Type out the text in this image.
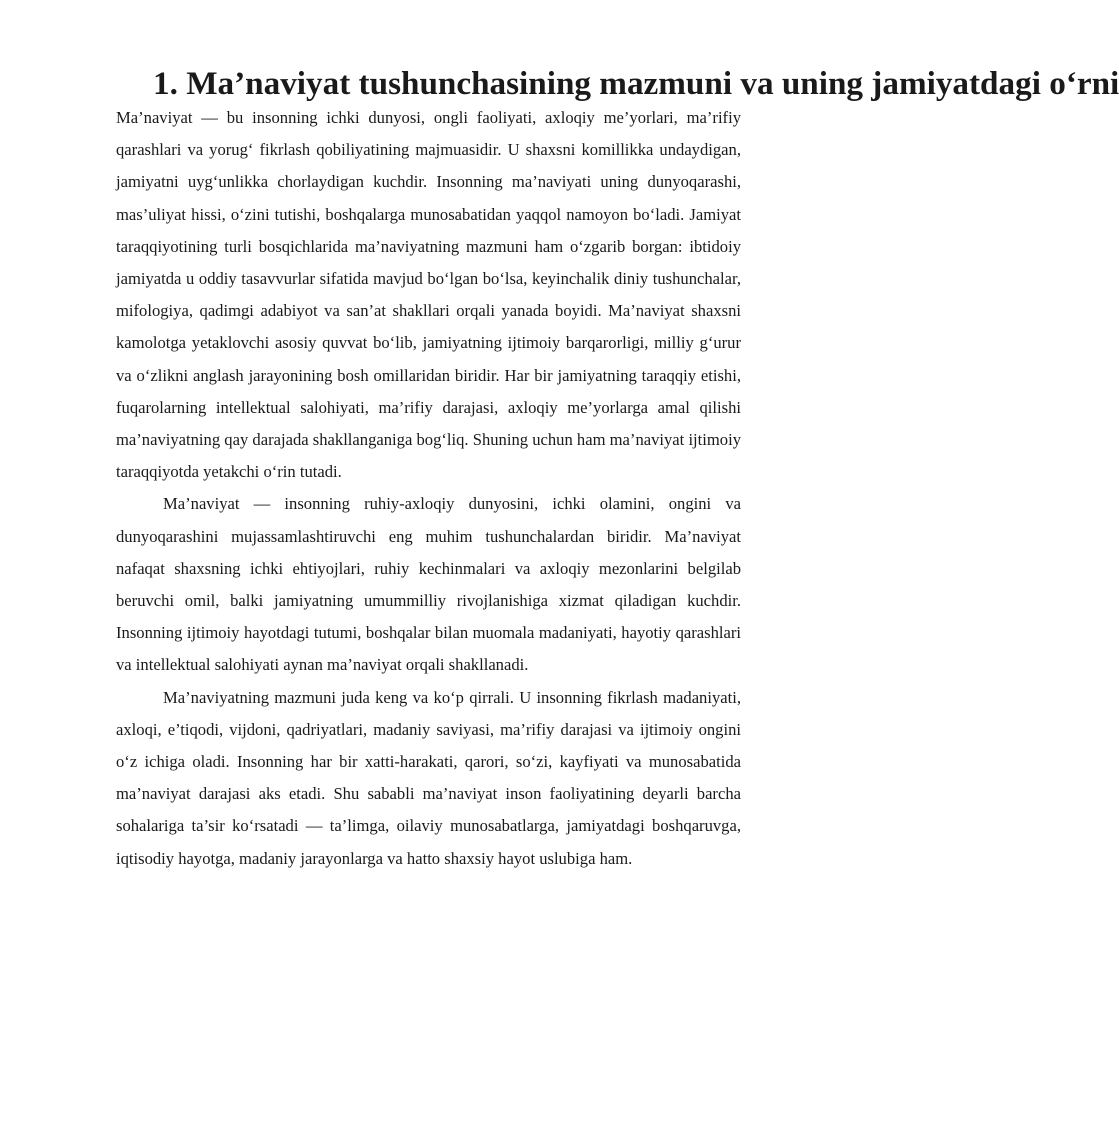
1. Ma’naviyat tushunchasining mazmuni va uning jamiyatdagi o‘rni

Ma’naviyat — bu insonning ichki dunyosi, ongli faoliyati, axloqiy me’yorlari, ma’rifiy qarashlari va yorug‘ fikrlash qobiliyatining majmuasidir. U shaxsni komillikka undaydigan, jamiyatni uyg‘unlikka chorlaydigan kuchdir. Insonning ma’naviyati uning dunyoqarashi, mas’uliyat hissi, o‘zini tutishi, boshqalarga munosabatidan yaqqol namoyon bo‘ladi. Jamiyat taraqqiyotining turli bosqichlarida ma’naviyatning mazmuni ham o‘zgarib borgan: ibtidoiy jamiyatda u oddiy tasavvurlar sifatida mavjud bo‘lgan bo‘lsa, keyinchalik diniy tushunchalar, mifologiya, qadimgi adabiyot va san’at shakllari orqali yanada boyidi. Ma’naviyat shaxsni kamolotga yetaklovchi asosiy quvvat bo‘lib, jamiyatning ijtimoiy barqarorligi, milliy g‘urur va o‘zlikni anglash jarayonining bosh omillaridan biridir. Har bir jamiyatning taraqqiy etishi, fuqarolarning intellektual salohiyati, ma’rifiy darajasi, axloqiy me’yorlarga amal qilishi ma’naviyatning qay darajada shakllanganiga bog‘liq. Shuning uchun ham ma’naviyat ijtimoiy taraqqiyotda yetakchi o‘rin tutadi.

Ma’naviyat — insonning ruhiy-axloqiy dunyosini, ichki olamini, ongini va dunyoqarashini mujassamlashtiruvchi eng muhim tushunchalardan biridir. Ma’naviyat nafaqat shaxsning ichki ehtiyojlari, ruhiy kechinmalari va axloqiy mezonlarini belgilab beruvchi omil, balki jamiyatning umummilliy rivojlanishiga xizmat qiladigan kuchdir. Insonning ijtimoiy hayotdagi tutumi, boshqalar bilan muomala madaniyati, hayotiy qarashlari va intellektual salohiyati aynan ma’naviyat orqali shakllanadi.

Ma’naviyatning mazmuni juda keng va ko‘p qirrali. U insonning fikrlash madaniyati, axloqi, e’tiqodi, vijdoni, qadriyatlari, madaniy saviyasi, ma’rifiy darajasi va ijtimoiy ongini o‘z ichiga oladi. Insonning har bir xatti-harakati, qarori, so‘zi, kayfiyati va munosabatida ma’naviyat darajasi aks etadi. Shu sababli ma’naviyat inson faoliyatining deyarli barcha sohalariga ta’sir ko‘rsatadi — ta’limga, oilaviy munosabatlarga, jamiyatdagi boshqaruvga, iqtisodiy hayotga, madaniy jarayonlarga va hatto shaxsiy hayot uslubiga ham.
